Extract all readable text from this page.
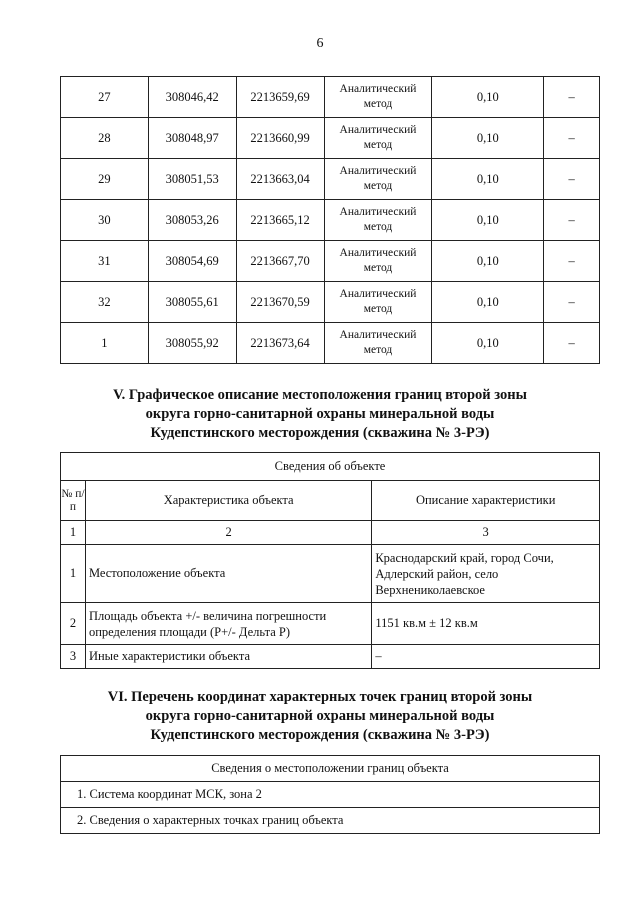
6
27	308046,42	2213659,69	Аналитический метод	0,10	–
28	308048,97	2213660,99	Аналитический метод	0,10	–
29	308051,53	2213663,04	Аналитический метод	0,10	–
30	308053,26	2213665,12	Аналитический метод	0,10	–
31	308054,69	2213667,70	Аналитический метод	0,10	–
32	308055,61	2213670,59	Аналитический метод	0,10	–
1	308055,92	2213673,64	Аналитический метод	0,10	–
V. Графическое описание местоположения границ второй зоны
округа горно-санитарной охраны минеральной воды
Кудепстинского месторождения (скважина № 3-РЭ)
Сведения об объекте		
№ п/п	Характеристика объекта	Описание характеристики
1	2	3
1	Местоположение объекта	Краснодарский край, город Сочи, Адлерский район, село Верхнениколаевское
2	Площадь объекта +/- величина погрешности определения площади (Р+/- Дельта Р)	1151 кв.м ± 12 кв.м
3	Иные характеристики объекта	–
VI. Перечень координат характерных точек границ второй зоны
округа горно-санитарной охраны минеральной воды
Кудепстинского месторождения (скважина № 3-РЭ)
Сведения о местоположении границ объекта
1. Система координат МСК, зона 2
2. Сведения о характерных точках границ объекта
